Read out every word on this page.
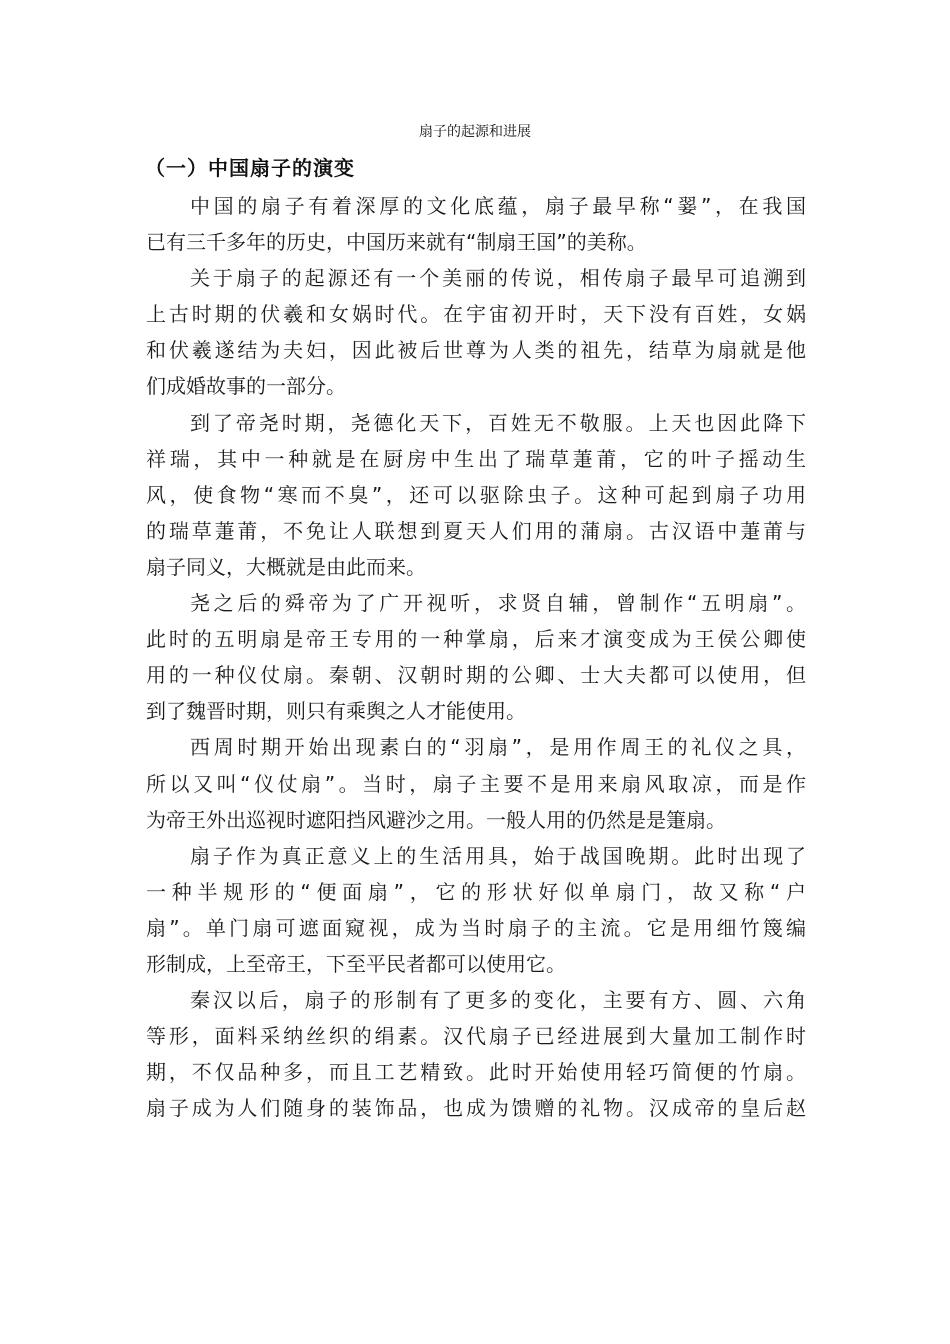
扇子的起源和进展
（一）中国扇子的演变
中国的扇子有着深厚的文化底蕴，扇子最早称“翣”，在我国
已有三千多年的历史，中国历来就有“制扇王国”的美称。
关于扇子的起源还有一个美丽的传说，相传扇子最早可追溯到
上古时期的伏羲和女娲时代。在宇宙初开时，天下没有百姓，女娲
和伏羲遂结为夫妇，因此被后世尊为人类的祖先，结草为扇就是他
们成婚故事的一部分。
到了帝尧时期，尧德化天下，百姓无不敬服。上天也因此降下
祥瑞，其中一种就是在厨房中生出了瑞草萐莆，它的叶子摇动生
风，使食物“寒而不臭”，还可以驱除虫子。这种可起到扇子功用
的瑞草萐莆，不免让人联想到夏天人们用的蒲扇。古汉语中萐莆与
扇子同义，大概就是由此而来。
尧之后的舜帝为了广开视听，求贤自辅，曾制作“五明扇”。
此时的五明扇是帝王专用的一种掌扇，后来才演变成为王侯公卿使
用的一种仪仗扇。秦朝、汉朝时期的公卿、士大夫都可以使用，但
到了魏晋时期，则只有乘舆之人才能使用。
西周时期开始出现素白的“羽扇”，是用作周王的礼仪之具，
所以又叫“仪仗扇”。当时，扇子主要不是用来扇风取凉，而是作
为帝王外出巡视时遮阳挡风避沙之用。一般人用的仍然是是箑扇。
扇子作为真正意义上的生活用具，始于战国晚期。此时出现了
一种半规形的“便面扇”，它的形状好似单扇门，故又称“户
扇”。单门扇可遮面窥视，成为当时扇子的主流。它是用细竹篾编
形制成，上至帝王，下至平民者都可以使用它。
秦汉以后，扇子的形制有了更多的变化，主要有方、圆、六角
等形，面料采纳丝织的绢素。汉代扇子已经进展到大量加工制作时
期，不仅品种多，而且工艺精致。此时开始使用轻巧简便的竹扇。
扇子成为人们随身的装饰品，也成为馈赠的礼物。汉成帝的皇后赵
